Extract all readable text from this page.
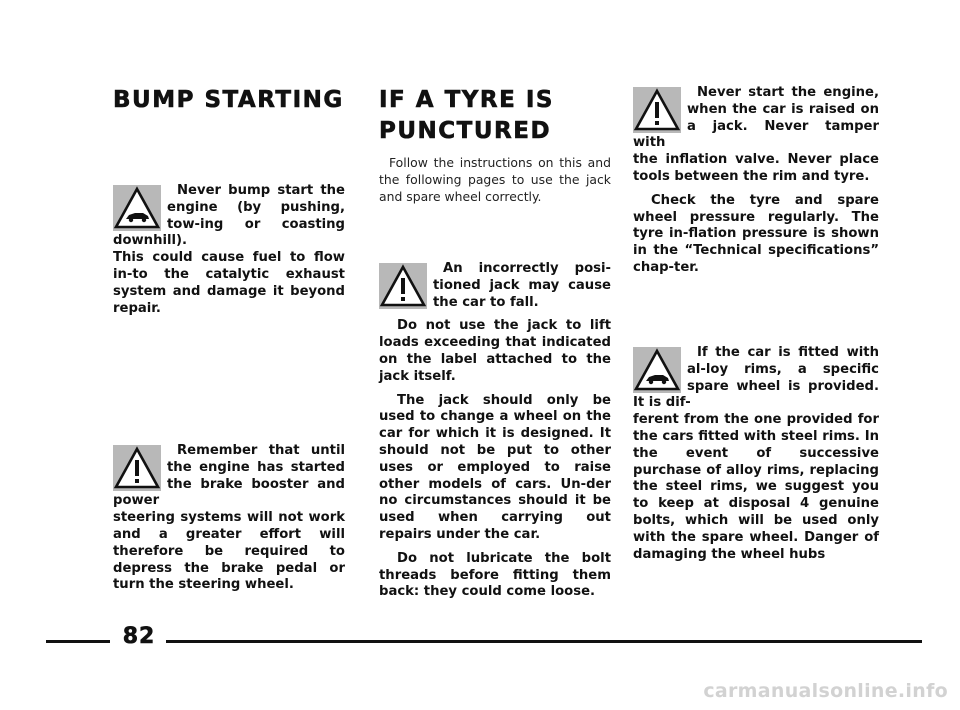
BUMP STARTING

Never bump start the engine (by pushing, tow-ing or coasting downhill).

This could cause fuel to flow in-to the catalytic exhaust system and damage it beyond repair.

Remember that until the engine has started the brake booster and power

steering systems will not work and a greater effort will therefore be required to depress the brake pedal or turn the steering wheel.

IF A TYRE IS
PUNCTURED

Follow the instructions on this and the following pages to use the jack and spare wheel correctly.

An incorrectly posi-tioned jack may cause the car to fall.

Do not use the jack to lift loads exceeding that indicated on the label attached to the jack itself.

The jack should only be used to change a wheel on the car for which it is designed. It should not be put to other uses or employed to raise other models of cars. Un-der no circumstances should it be used when carrying out repairs under the car.

Do not lubricate the bolt threads before fitting them back: they could come loose.

Never start the engine, when the car is raised on a jack. Never tamper with

the inflation valve. Never place tools between the rim and tyre.

Check the tyre and spare wheel pressure regularly. The tyre in-flation pressure is shown in the “Technical specifications” chap-ter.

If the car is fitted with al-loy rims, a specific spare wheel is provided. It is dif-

ferent from the one provided for the cars fitted with steel rims. In the event of successive purchase of alloy rims, replacing the steel rims, we suggest you to keep at disposal 4 genuine bolts, which will be used only with the spare wheel. Danger of damaging the wheel hubs

82
carmanualsonline.info
